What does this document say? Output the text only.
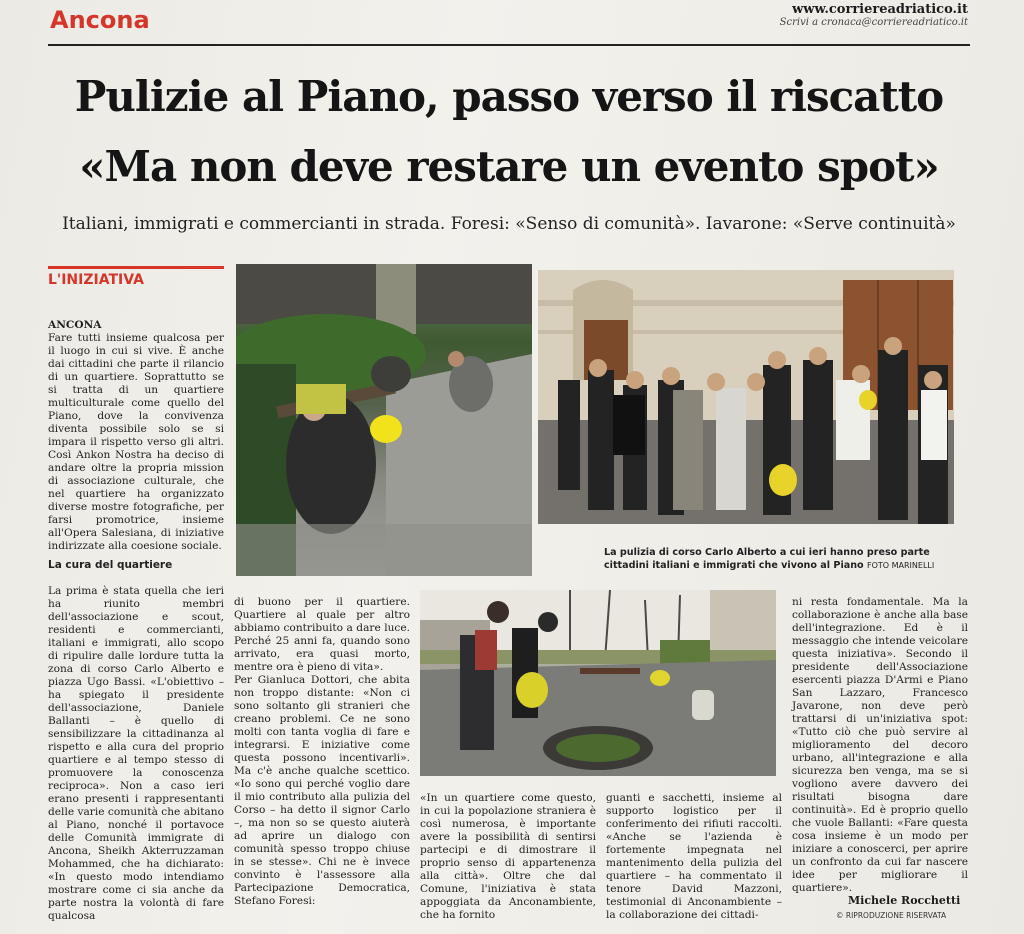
Ancona	www.corriereadriatico.it
Scrivi a cronaca@corriereadriatico.it
Pulizie al Piano, passo verso il riscatto
«Ma non deve restare un evento spot»
Italiani, immigrati e commercianti in strada. Foresi: «Senso di comunità». Iavarone: «Serve continuità»
L'INIZIATIVA

ANCONA
Fare tutti insieme qualcosa per il luogo in cui si vive. È anche dai cittadini che parte il rilancio di un quartiere. Soprattutto se si tratta di un quartiere multiculturale come quello del Piano, dove la convivenza diventa possibile solo se si impara il rispetto verso gli altri. Così Ankon Nostra ha deciso di andare oltre la propria mission di associazione culturale, che nel quartiere ha organizzato diverse mostre fotografiche, per farsi promotrice, insieme all'Opera Salesiana, di iniziative indirizzate alla coesione sociale.

La cura del quartiere

La prima è stata quella che ieri ha riunito membri dell'associazione e scout, residenti e commercianti, italiani e immigrati, allo scopo di ripulire dalle lordure tutta la zona di corso Carlo Alberto e piazza Ugo Bassi. «L'obiettivo – ha spiegato il presidente dell'associazione, Daniele Ballanti – è quello di sensibilizzare la cittadinanza al rispetto e alla cura del proprio quartiere e al tempo stesso di promuovere la conoscenza reciproca». Non a caso ieri erano presenti i rappresentanti delle varie comunità che abitano al Piano, nonché il portavoce delle Comunità immigrate di Ancona, Sheikh Akterruzzaman Mohammed, che ha dichiarato: «In questo modo intendiamo mostrare come ci sia anche da parte nostra la volontà di fare qualcosa

La pulizia di corso Carlo Alberto a cui ieri hanno preso parte cittadini italiani e immigrati che vivono al Piano FOTO MARINELLI
di buono per il quartiere. Quartiere al quale per altro abbiamo contribuito a dare luce. Perché 25 anni fa, quando sono arrivato, era quasi morto, mentre ora è pieno di vita».
Per Gianluca Dottori, che abita non troppo distante: «Non ci sono soltanto gli stranieri che creano problemi. Ce ne sono molti con tanta voglia di fare e integrarsi. E iniziative come questa possono incentivarli». Ma c'è anche qualche scettico. «Io sono qui perché voglio dare il mio contributo alla pulizia del Corso – ha detto il signor Carlo –, ma non so se questo aiuterà ad aprire un dialogo con comunità spesso troppo chiuse in se stesse». Chi ne è invece convinto è l'assessore alla Partecipazione Democratica, Stefano Foresi:
«In un quartiere come questo, in cui la popolazione straniera è così numerosa, è importante avere la possibilità di sentirsi partecipi e di dimostrare il proprio senso di appartenenza alla città». Oltre che dal Comune, l'iniziativa è stata appoggiata da Anconambiente, che ha fornito
guanti e sacchetti, insieme al supporto logistico per il conferimento dei rifiuti raccolti. «Anche se l'azienda è fortemente impegnata nel mantenimento della pulizia del quartiere – ha commentato il tenore David Mazzoni, testimonial di Anconambiente – la collaborazione dei cittadi-
ni resta fondamentale. Ma la collaborazione è anche alla base dell'integrazione. Ed è il messaggio che intende veicolare questa iniziativa». Secondo il presidente dell'Associazione esercenti piazza D'Armi e Piano San Lazzaro, Francesco Javarone, non deve però trattarsi di un'iniziativa spot: «Tutto ciò che può servire al miglioramento del decoro urbano, all'integrazione e alla sicurezza ben venga, ma se si vogliono avere davvero dei risultati bisogna dare continuità». Ed è proprio quello che vuole Ballanti: «Fare questa cosa insieme è un modo per iniziare a conoscerci, per aprire un confronto da cui far nascere idee per migliorare il quartiere».
Michele Rocchetti
© RIPRODUZIONE RISERVATA
